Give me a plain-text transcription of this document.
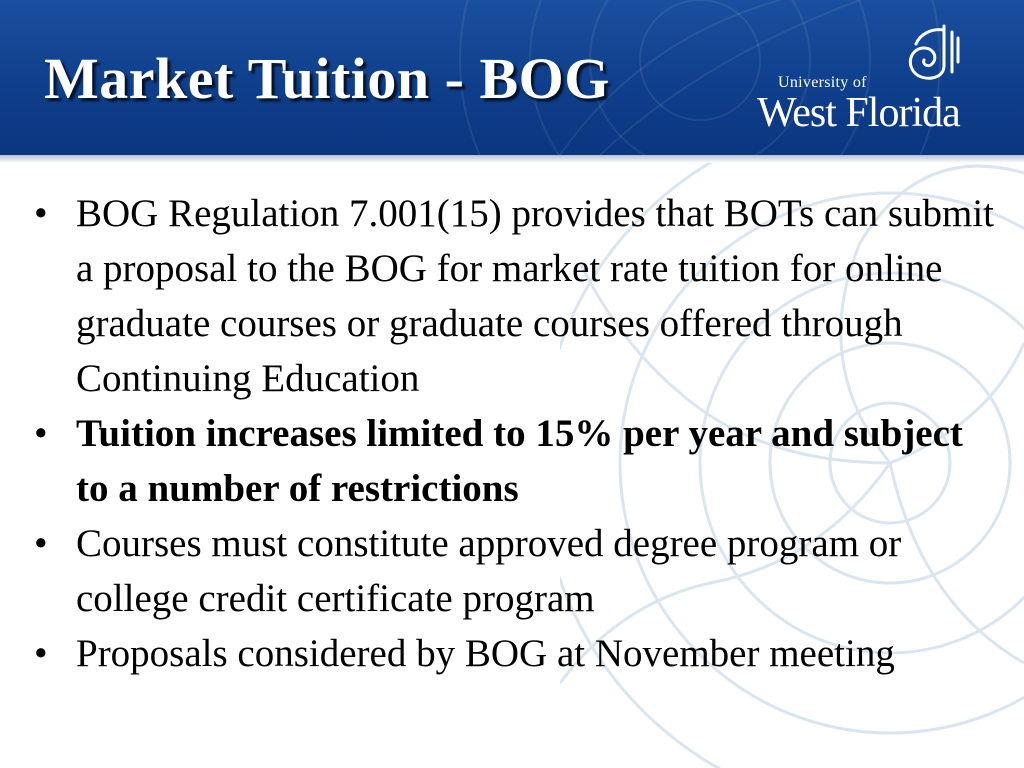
Market Tuition - BOG	University of
West Florida
• BOG Regulation 7.001(15) provides that BOTs can submit a proposal to the BOG for market rate tuition for online graduate courses or graduate courses offered through Continuing Education
• Tuition increases limited to 15% per year and subject to a number of restrictions
• Courses must constitute approved degree program or college credit certificate program
• Proposals considered by BOG at November meeting
